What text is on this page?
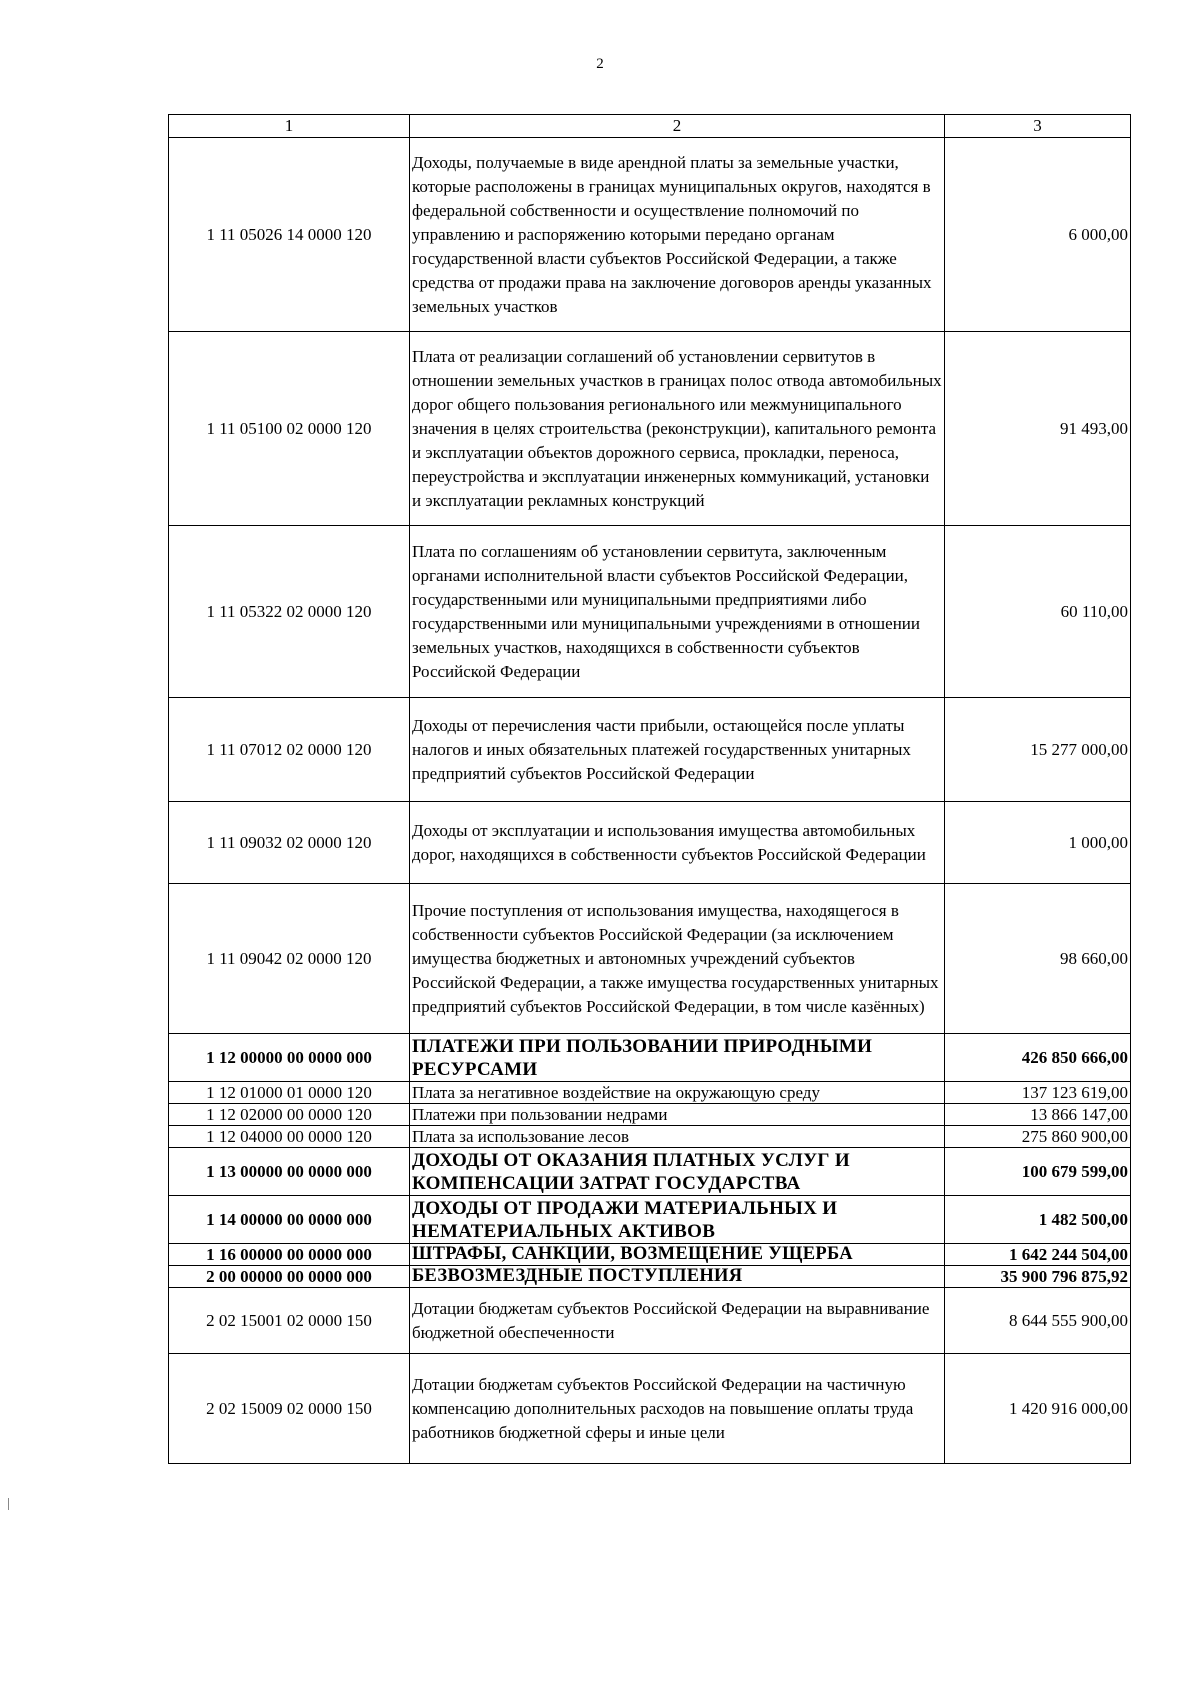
2
1	2	3
1 11 05026 14 0000 120	Доходы, получаемые в виде арендной платы за земельные участки, которые расположены в границах муниципальных округов, находятся в федеральной собственности и осуществление полномочий по управлению и распоряжению которыми передано органам государственной власти субъектов Российской Федерации, а также средства от продажи права на заключение договоров аренды указанных земельных участков	6 000,00
1 11 05100 02 0000 120	Плата от реализации соглашений об установлении сервитутов в отношении земельных участков в границах полос отвода автомобильных дорог общего пользования регионального или межмуниципального значения в целях строительства (реконструкции), капитального ремонта и эксплуатации объектов дорожного сервиса, прокладки, переноса, переустройства и эксплуатации инженерных коммуникаций, установки и эксплуатации рекламных конструкций	91 493,00
1 11 05322 02 0000 120	Плата по соглашениям об установлении сервитута, заключенным органами исполнительной власти субъектов Российской Федерации, государственными или муниципальными предприятиями либо государственными или муниципальными учреждениями в отношении земельных участков, находящихся в собственности субъектов Российской Федерации	60 110,00
1 11 07012 02 0000 120	Доходы от перечисления части прибыли, остающейся после уплаты налогов и иных обязательных платежей государственных унитарных предприятий субъектов Российской Федерации	15 277 000,00
1 11 09032 02 0000 120	Доходы от эксплуатации и использования имущества автомобильных дорог, находящихся в собственности субъектов Российской Федерации	1 000,00
1 11 09042 02 0000 120	Прочие поступления от использования имущества, находящегося в собственности субъектов Российской Федерации (за исключением имущества бюджетных и автономных учреждений субъектов Российской Федерации, а также имущества государственных унитарных предприятий субъектов Российской Федерации, в том числе казённых)	98 660,00
1 12 00000 00 0000 000	ПЛАТЕЖИ ПРИ ПОЛЬЗОВАНИИ ПРИРОДНЫМИ РЕСУРСАМИ	426 850 666,00
1 12 01000 01 0000 120	Плата за негативное воздействие на окружающую среду	137 123 619,00
1 12 02000 00 0000 120	Платежи при пользовании недрами	13 866 147,00
1 12 04000 00 0000 120	Плата за использование лесов	275 860 900,00
1 13 00000 00 0000 000	ДОХОДЫ ОТ ОКАЗАНИЯ ПЛАТНЫХ УСЛУГ И КОМПЕНСАЦИИ ЗАТРАТ ГОСУДАРСТВА	100 679 599,00
1 14 00000 00 0000 000	ДОХОДЫ ОТ ПРОДАЖИ МАТЕРИАЛЬНЫХ И НЕМАТЕРИАЛЬНЫХ АКТИВОВ	1 482 500,00
1 16 00000 00 0000 000	ШТРАФЫ, САНКЦИИ, ВОЗМЕЩЕНИЕ УЩЕРБА	1 642 244 504,00
2 00 00000 00 0000 000	БЕЗВОЗМЕЗДНЫЕ ПОСТУПЛЕНИЯ	35 900 796 875,92
2 02 15001 02 0000 150	Дотации бюджетам субъектов Российской Федерации на выравнивание бюджетной обеспеченности	8 644 555 900,00
2 02 15009 02 0000 150	Дотации бюджетам субъектов Российской Федерации на частичную компенсацию дополнительных расходов на повышение оплаты труда работников бюджетной сферы и иные цели	1 420 916 000,00
